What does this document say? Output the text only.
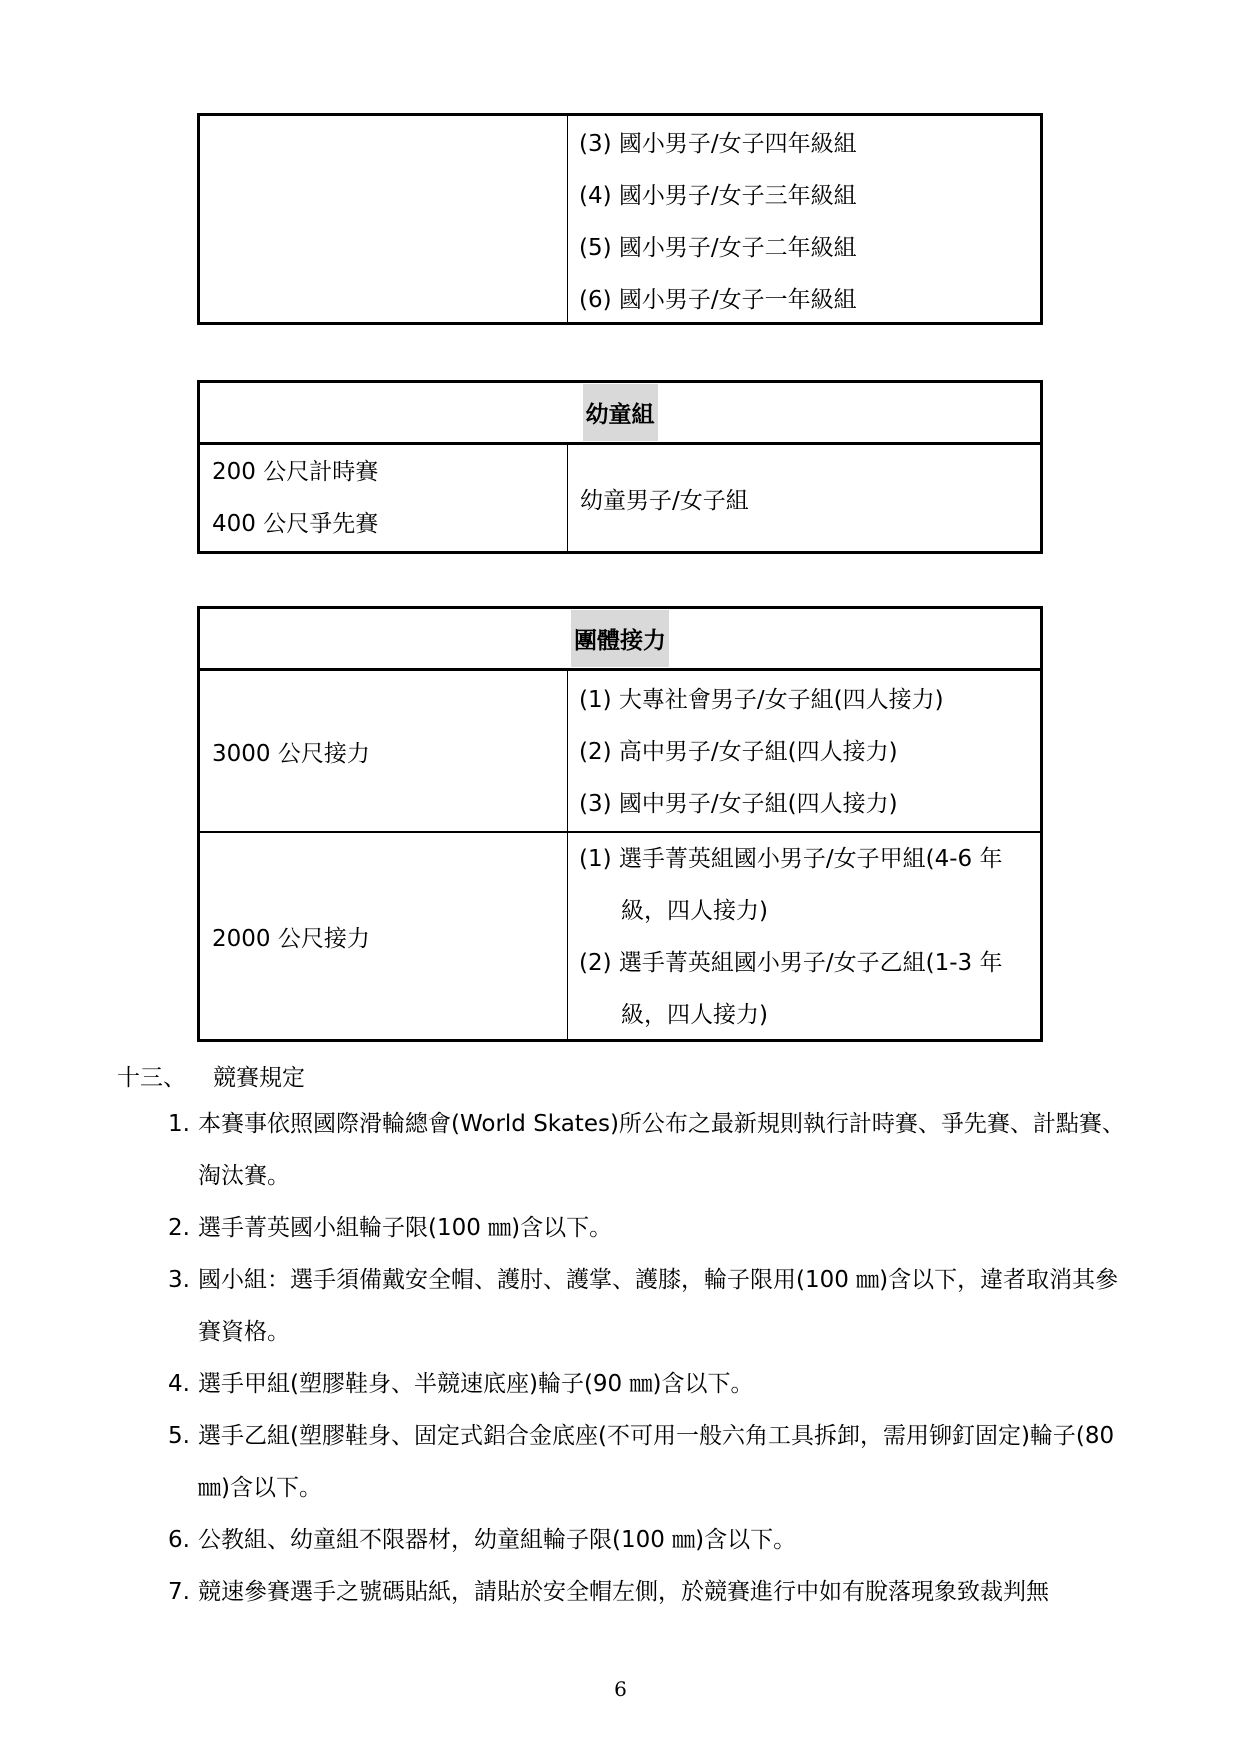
(3) 國小男子/女子四年級組
(4) 國小男子/女子三年級組
(5) 國小男子/女子二年級組
(6) 國小男子/女子一年級組
幼童組
200 公尺計時賽
400 公尺爭先賽
幼童男子/女子組
團體接力
3000 公尺接力
(1) 大專社會男子/女子組(四人接力)
(2) 高中男子/女子組(四人接力)
(3) 國中男子/女子組(四人接力)
2000 公尺接力
(1) 選手菁英組國小男子/女子甲組(4-6 年
級，四人接力)
(2) 選手菁英組國小男子/女子乙組(1-3 年
級，四人接力)
十三、 競賽規定
1. 本賽事依照國際滑輪總會(World Skates)所公布之最新規則執行計時賽、爭先賽、計點賽、淘汰賽。
2. 選手菁英國小組輪子限(100 ㎜)含以下。
3. 國小組：選手須備戴安全帽、護肘、護掌、護膝，輪子限用(100 ㎜)含以下，違者取消其參賽資格。
4. 選手甲組(塑膠鞋身、半競速底座)輪子(90 ㎜)含以下。
5. 選手乙組(塑膠鞋身、固定式鋁合金底座(不可用一般六角工具拆卸，需用铆釘固定)輪子(80 ㎜)含以下。
6. 公教組、幼童組不限器材，幼童組輪子限(100 ㎜)含以下。
7. 競速參賽選手之號碼貼紙，請貼於安全帽左側，於競賽進行中如有脫落現象致裁判無
6
